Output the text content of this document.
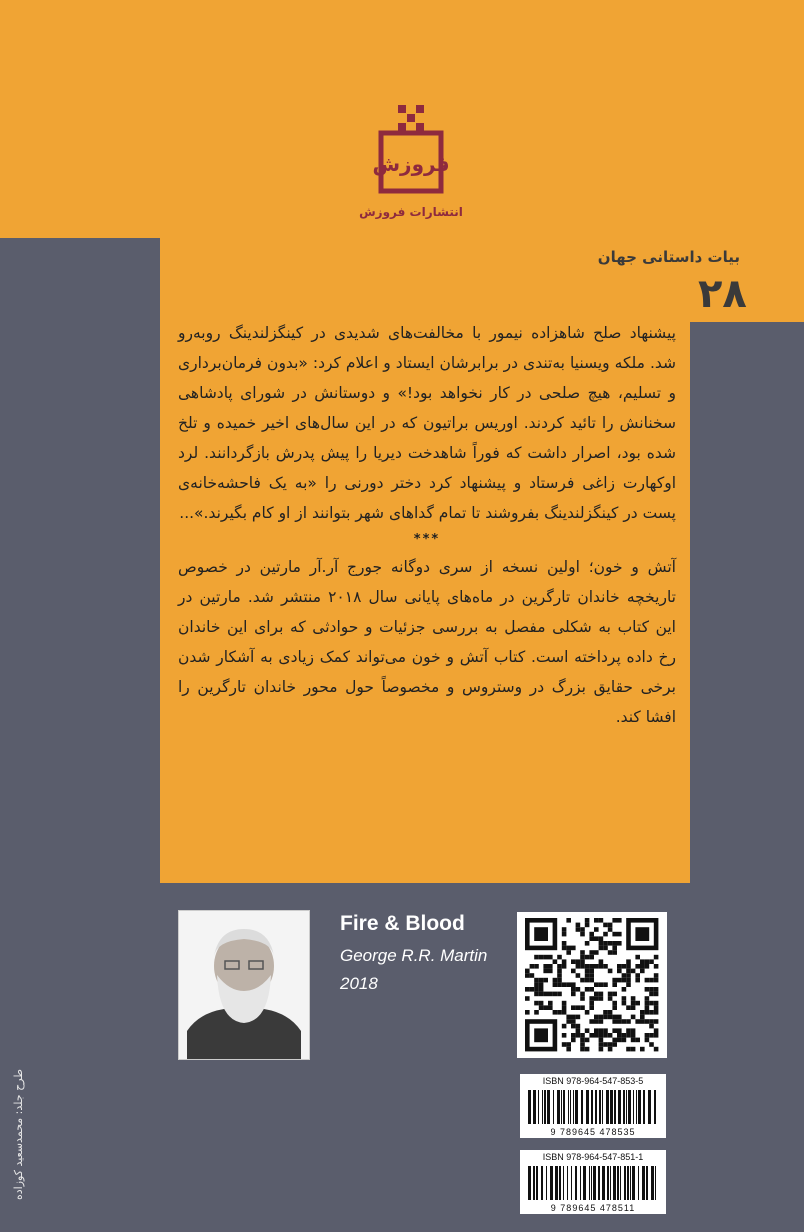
بیات داستانی جهان
۲۸
فروزش
انتشارات فروزش

پیشنهاد صلح شاهزاده نیمور با مخالفت‌های شدیدی در کینگزلندینگ روبه‌رو شد. ملکه ویسنیا به‌تندی در برابرشان ایستاد و اعلام کرد: «بدون فرمان‌برداری و تسلیم، هیچ صلحی در کار نخواهد بود!» و دوستانش در شورای پادشاهی سخنانش را تائید کردند. اوریس براتیون که در این سال‌های اخیر خمیده و تلخ شده بود، اصرار داشت که فوراً شاهدخت دیریا را پیش پدرش بازگردانند. لرد اوکهارت زاغی فرستاد و پیشنهاد کرد دختر دورنی را «به یک فاحشه‌خانه‌ی پست در کینگزلندینگ بفروشند تا تمام گداهای شهر بتوانند از او کام بگیرند.»...

***

آتش و خون؛ اولین نسخه از سری دوگانه جورج آر.آر مارتین در خصوص تاریخچه خاندان تارگرین در ماه‌های پایانی سال ۲۰۱۸ منتشر شد. مارتین در این کتاب به شکلی مفصل به بررسی جزئیات و حوادثی که برای این خاندان رخ داده پرداخته است. کتاب آتش و خون می‌تواند کمک زیادی به آشکار شدن برخی حقایق بزرگ در وستروس و مخصوصاً حول محور خاندان تارگرین را افشا کند.

Fire & Blood
George R.R. Martin
2018
ISBN 978-964-547-853-5
9 789645 478535
ISBN 978-964-547-851-1
9 789645 478511
طرح جلد: محمدسعید کوزاده
